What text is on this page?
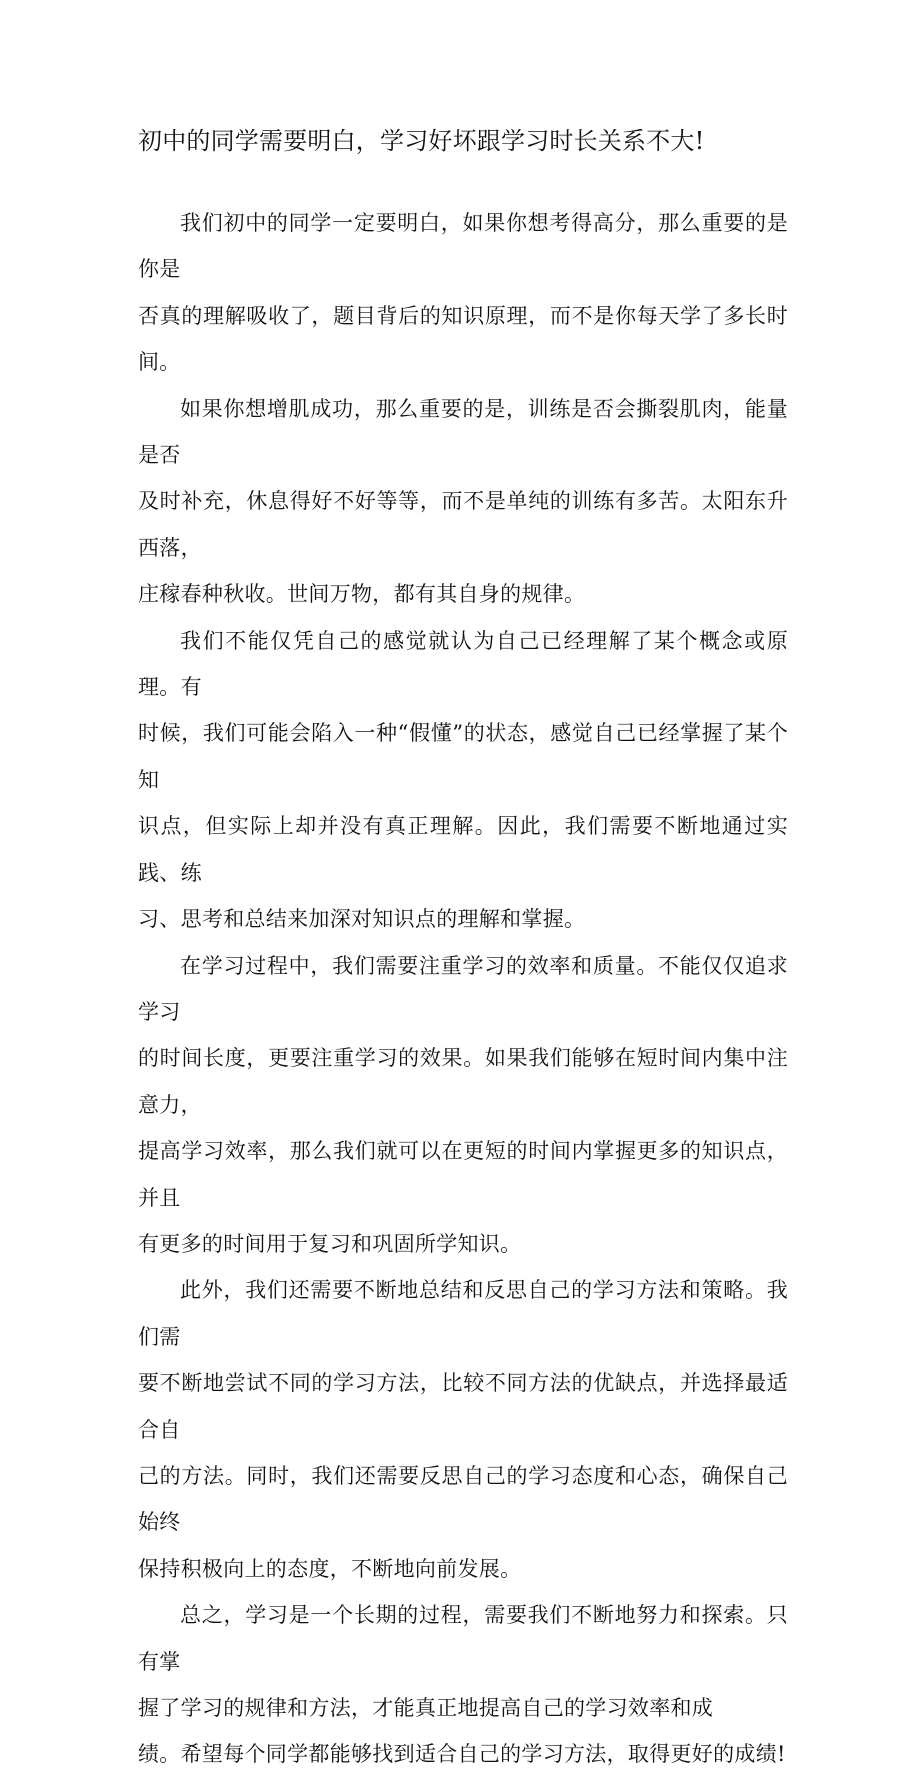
初中的同学需要明白，学习好坏跟学习时长关系不大!

我们初中的同学一定要明白，如果你想考得高分，那么重要的是你是
否真的理解吸收了，题目背后的知识原理，而不是你每天学了多长时间。

如果你想增肌成功，那么重要的是，训练是否会撕裂肌肉，能量是否
及时补充，休息得好不好等等，而不是单纯的训练有多苦。太阳东升西落，
庄稼春种秋收。世间万物，都有其自身的规律。

我们不能仅凭自己的感觉就认为自己已经理解了某个概念或原理。有
时候，我们可能会陷入一种“假懂”的状态，感觉自己已经掌握了某个知
识点，但实际上却并没有真正理解。因此，我们需要不断地通过实践、练
习、思考和总结来加深对知识点的理解和掌握。

在学习过程中，我们需要注重学习的效率和质量。不能仅仅追求学习
的时间长度，更要注重学习的效果。如果我们能够在短时间内集中注意力，
提高学习效率，那么我们就可以在更短的时间内掌握更多的知识点，并且
有更多的时间用于复习和巩固所学知识。

此外，我们还需要不断地总结和反思自己的学习方法和策略。我们需
要不断地尝试不同的学习方法，比较不同方法的优缺点，并选择最适合自
己的方法。同时，我们还需要反思自己的学习态度和心态，确保自己始终
保持积极向上的态度，不断地向前发展。

总之，学习是一个长期的过程，需要我们不断地努力和探索。只有掌
握了学习的规律和方法，才能真正地提高自己的学习效率和成
绩。希望每个同学都能够找到适合自己的学习方法，取得更好的成绩!
